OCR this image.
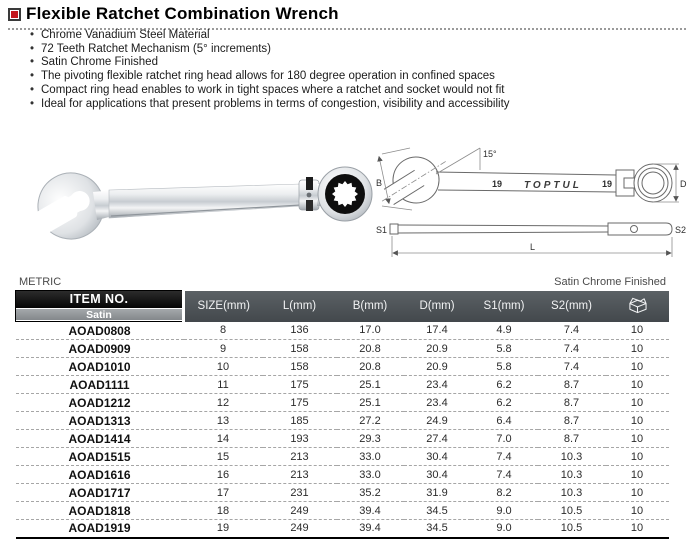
Flexible Ratchet Combination Wrench
• Chrome Vanadium Steel Material
• 72 Teeth Ratchet Mechanism (5° increments)
• Satin Chrome Finished
• The pivoting flexible ratchet ring head allows for 180 degree operation in confined spaces
• Compact ring head enables to work in tight spaces where a ratchet and socket would not fit
• Ideal for applications that present problems in terms of congestion, visibility and accessibility
B
15°
19 TOPTUL 19	D
S1	S2
L
METRIC	Satin Chrome Finished
ITEM NO.
Satin	SIZE(mm)	L(mm)	B(mm)	D(mm)	S1(mm)	S2(mm)	
AOAD0808	8	136	17.0	17.4	4.9	7.4	10
AOAD0909	9	158	20.8	20.9	5.8	7.4	10
AOAD1010	10	158	20.8	20.9	5.8	7.4	10
AOAD1111	11	175	25.1	23.4	6.2	8.7	10
AOAD1212	12	175	25.1	23.4	6.2	8.7	10
AOAD1313	13	185	27.2	24.9	6.4	8.7	10
AOAD1414	14	193	29.3	27.4	7.0	8.7	10
AOAD1515	15	213	33.0	30.4	7.4	10.3	10
AOAD1616	16	213	33.0	30.4	7.4	10.3	10
AOAD1717	17	231	35.2	31.9	8.2	10.3	10
AOAD1818	18	249	39.4	34.5	9.0	10.5	10
AOAD1919	19	249	39.4	34.5	9.0	10.5	10
